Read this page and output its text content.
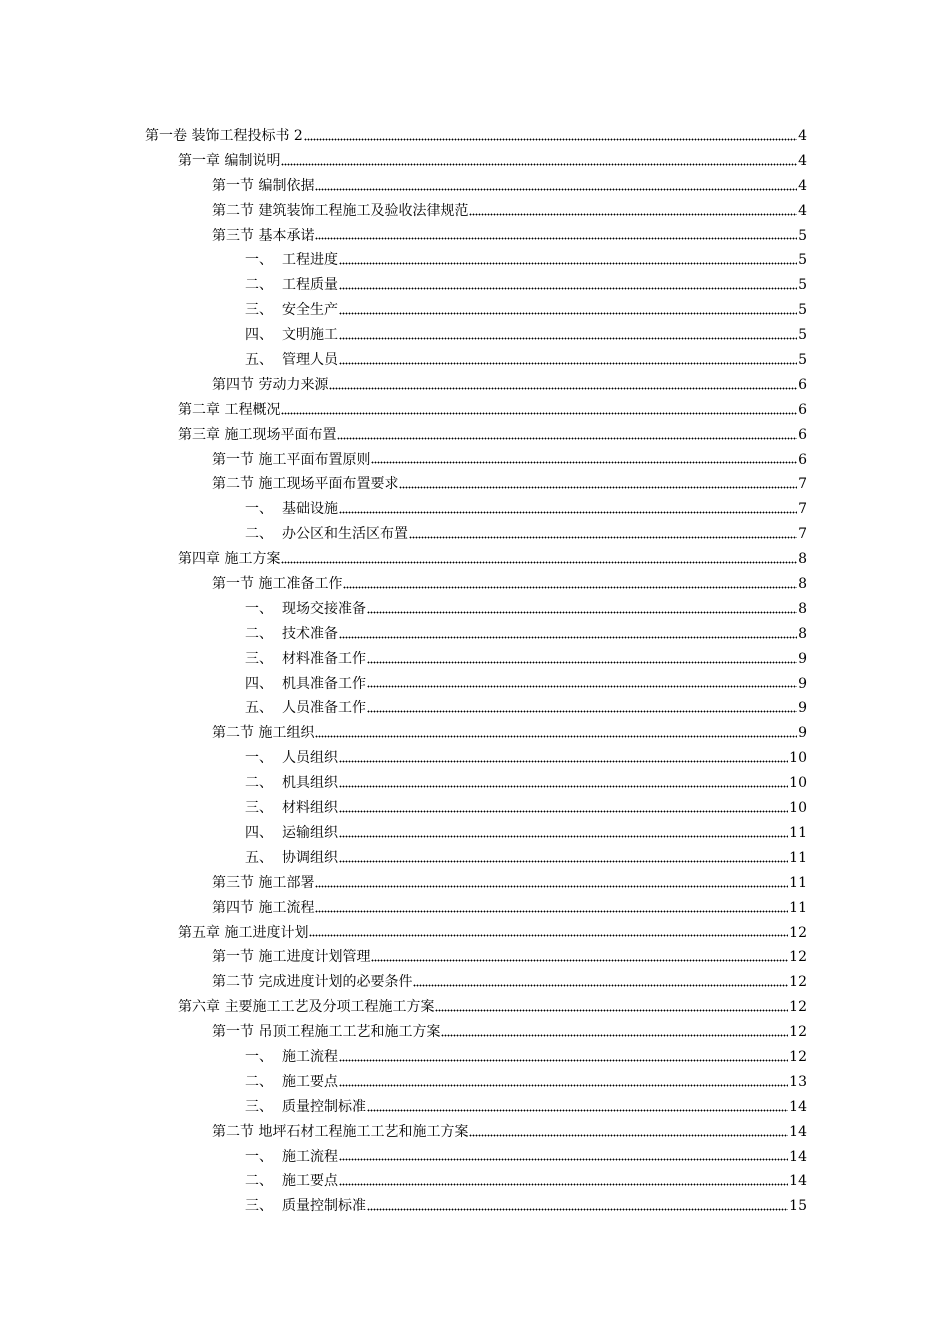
第一卷 装饰工程投标书 2	4
第一章 编制说明	4
第一节 编制依据	4
第二节 建筑装饰工程施工及验收法律规范	4
第三节 基本承诺	5
一、 工程进度	5
二、 工程质量	5
三、 安全生产	5
四、 文明施工	5
五、 管理人员	5
第四节 劳动力来源	6
第二章 工程概况	6
第三章 施工现场平面布置	6
第一节 施工平面布置原则	6
第二节 施工现场平面布置要求	7
一、 基础设施	7
二、 办公区和生活区布置	7
第四章 施工方案	8
第一节 施工准备工作	8
一、 现场交接准备	8
二、 技术准备	8
三、 材料准备工作	9
四、 机具准备工作	9
五、 人员准备工作	9
第二节 施工组织	9
一、 人员组织	10
二、 机具组织	10
三、 材料组织	10
四、 运输组织	11
五、 协调组织	11
第三节 施工部署	11
第四节 施工流程	11
第五章 施工进度计划	12
第一节 施工进度计划管理	12
第二节 完成进度计划的必要条件	12
第六章 主要施工工艺及分项工程施工方案	12
第一节 吊顶工程施工工艺和施工方案	12
一、 施工流程	12
二、 施工要点	13
三、 质量控制标准	14
第二节 地坪石材工程施工工艺和施工方案	14
一、 施工流程	14
二、 施工要点	14
三、 质量控制标准	15
